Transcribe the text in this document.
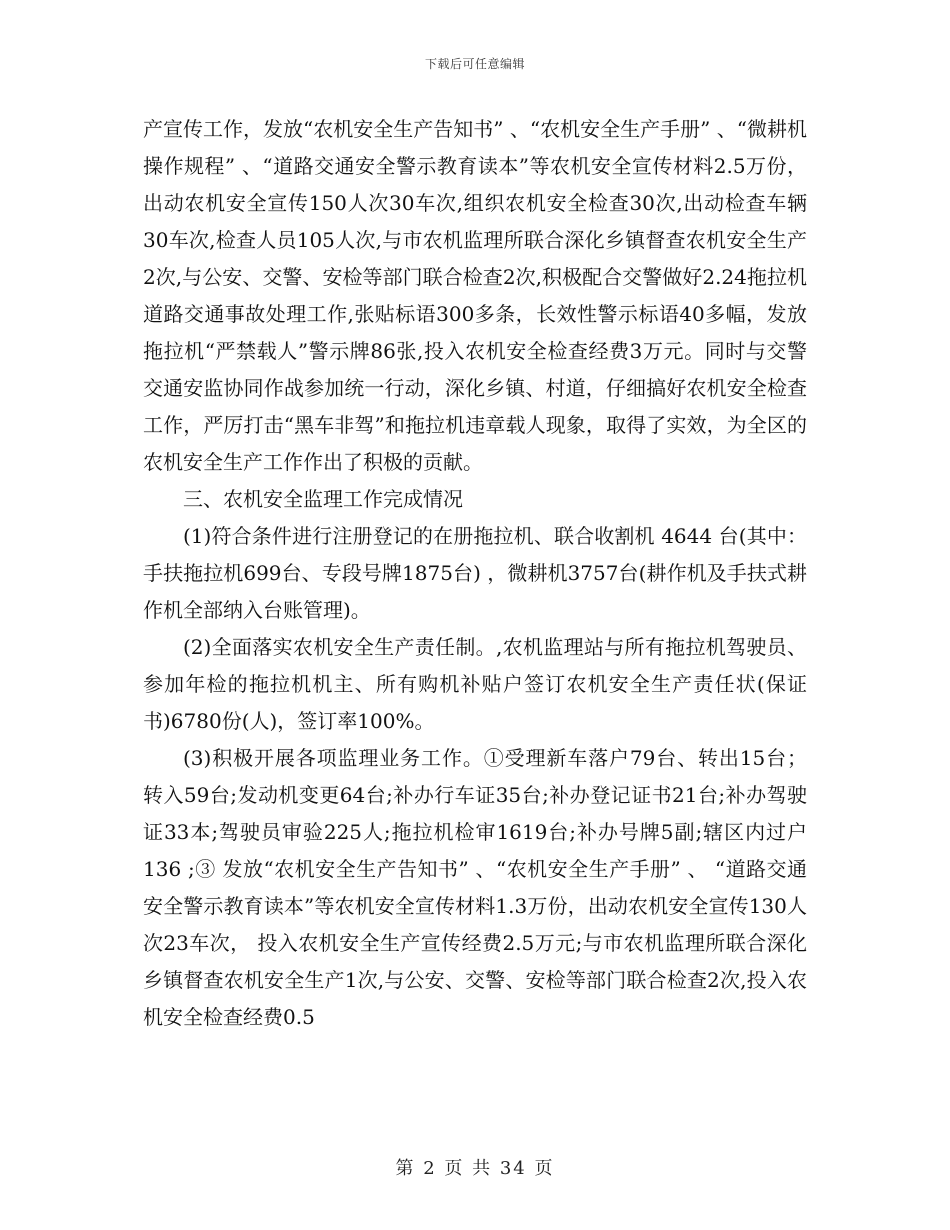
下载后可任意编辑

产宣传工作，发放“农机安全生产告知书” 、“农机安全生产手册” 、“微耕机操作规程” 、“道路交通安全警示教育读本”等农机安全宣传材料2.5万份，出动农机安全宣传150人次30车次,组织农机安全检查30次,出动检查车辆30车次,检查人员105人次,与市农机监理所联合深化乡镇督查农机安全生产2次,与公安、交警、安检等部门联合检查2次,积极配合交警做好2.24拖拉机道路交通事故处理工作,张贴标语300多条，长效性警示标语40多幅，发放拖拉机“严禁载人”警示牌86张,投入农机安全检查经费3万元。同时与交警交通安监协同作战参加统一行动，深化乡镇、村道，仔细搞好农机安全检查工作，严厉打击“黑车非驾”和拖拉机违章载人现象，取得了实效，为全区的农机安全生产工作作出了积极的贡献。

三、农机安全监理工作完成情况

(1)符合条件进行注册登记的在册拖拉机、联合收割机 4644 台(其中：手扶拖拉机699台、专段号牌1875台) ，微耕机3757台(耕作机及手扶式耕作机全部纳入台账管理)。

(2)全面落实农机安全生产责任制。,农机监理站与所有拖拉机驾驶员、参加年检的拖拉机机主、所有购机补贴户签订农机安全生产责任状(保证书)6780份(人)，签订率100%。

(3)积极开展各项监理业务工作。①受理新车落户79台、转出15台； 转入59台;发动机变更64台;补办行车证35台;补办登记证书21台;补办驾驶证33本;驾驶员审验225人;拖拉机检审1619台;补办号牌5副;辖区内过户136 ;③ 发放“农机安全生产告知书” 、“农机安全生产手册” 、 “道路交通安全警示教育读本”等农机安全宣传材料1.3万份，出动农机安全宣传130人次23车次， 投入农机安全生产宣传经费2.5万元;与市农机监理所联合深化乡镇督查农机安全生产1次,与公安、交警、安检等部门联合检查2次,投入农机安全检查经费0.5

第 2 页 共 34 页
